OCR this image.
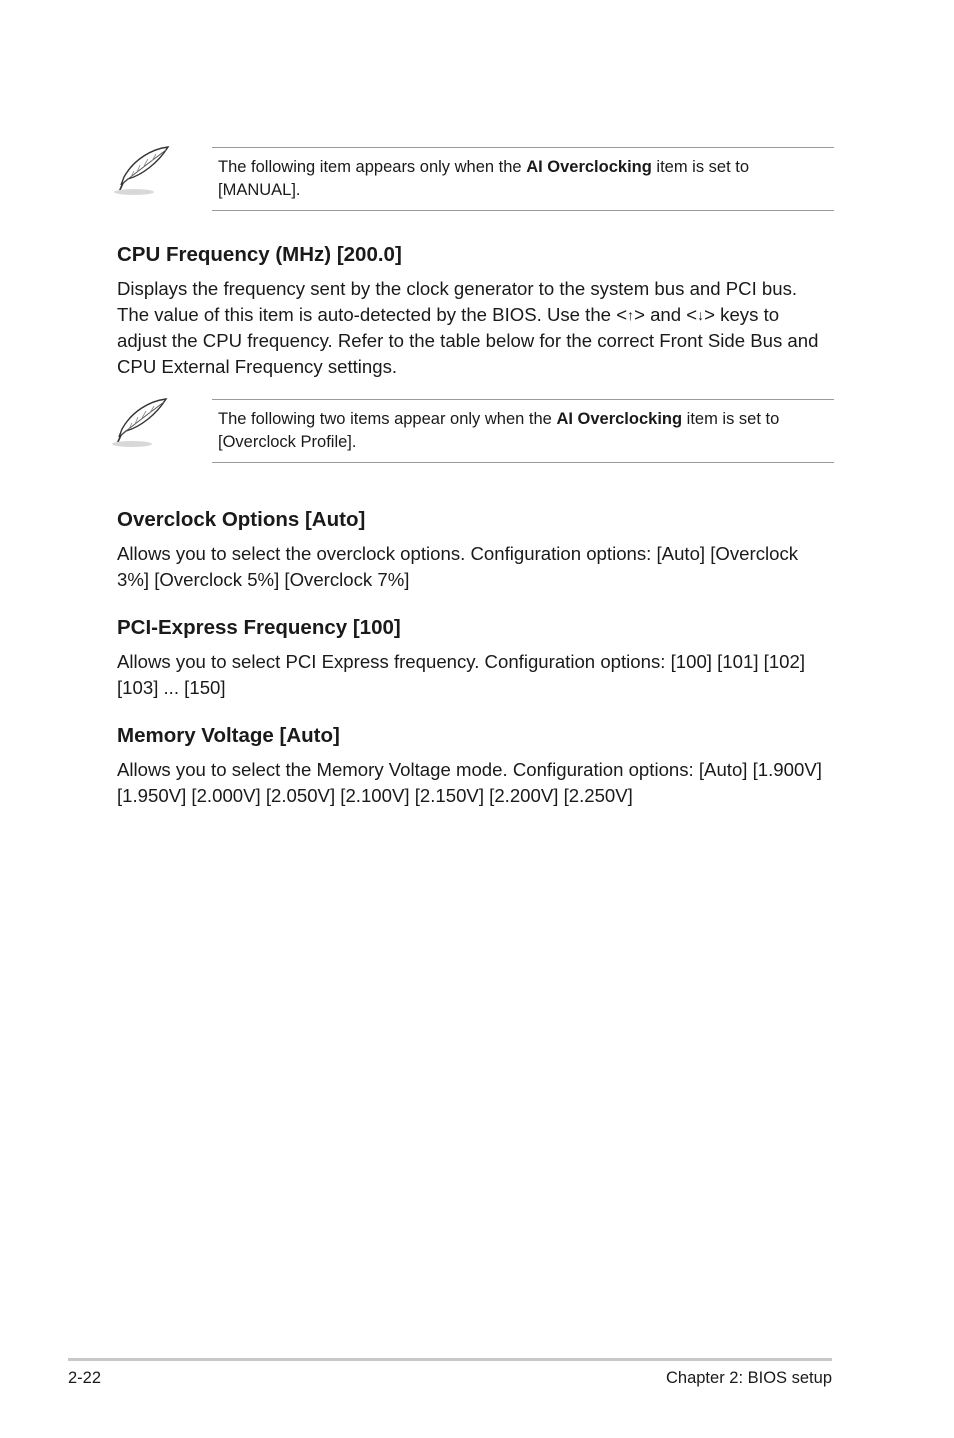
The following item appears only when the AI Overclocking item is set to [MANUAL].
CPU Frequency (MHz) [200.0]

Displays the frequency sent by the clock generator to the system bus and PCI bus. The value of this item is auto-detected by the BIOS. Use the <↑> and <↓> keys to adjust the CPU frequency. Refer to the table below for the correct Front Side Bus and CPU External Frequency settings.

The following two items appear only when the AI Overclocking item is set to [Overclock Profile].
Overclock Options [Auto]

Allows you to select the overclock options. Configuration options: [Auto] [Overclock 3%] [Overclock 5%] [Overclock 7%]

PCI-Express Frequency [100]

Allows you to select PCI Express frequency. Configuration options: [100] [101] [102] [103] ... [150]

Memory Voltage [Auto]

Allows you to select the Memory Voltage mode. Configuration options: [Auto] [1.900V] [1.950V] [2.000V] [2.050V] [2.100V] [2.150V] [2.200V] [2.250V]

2-22	Chapter 2: BIOS setup
